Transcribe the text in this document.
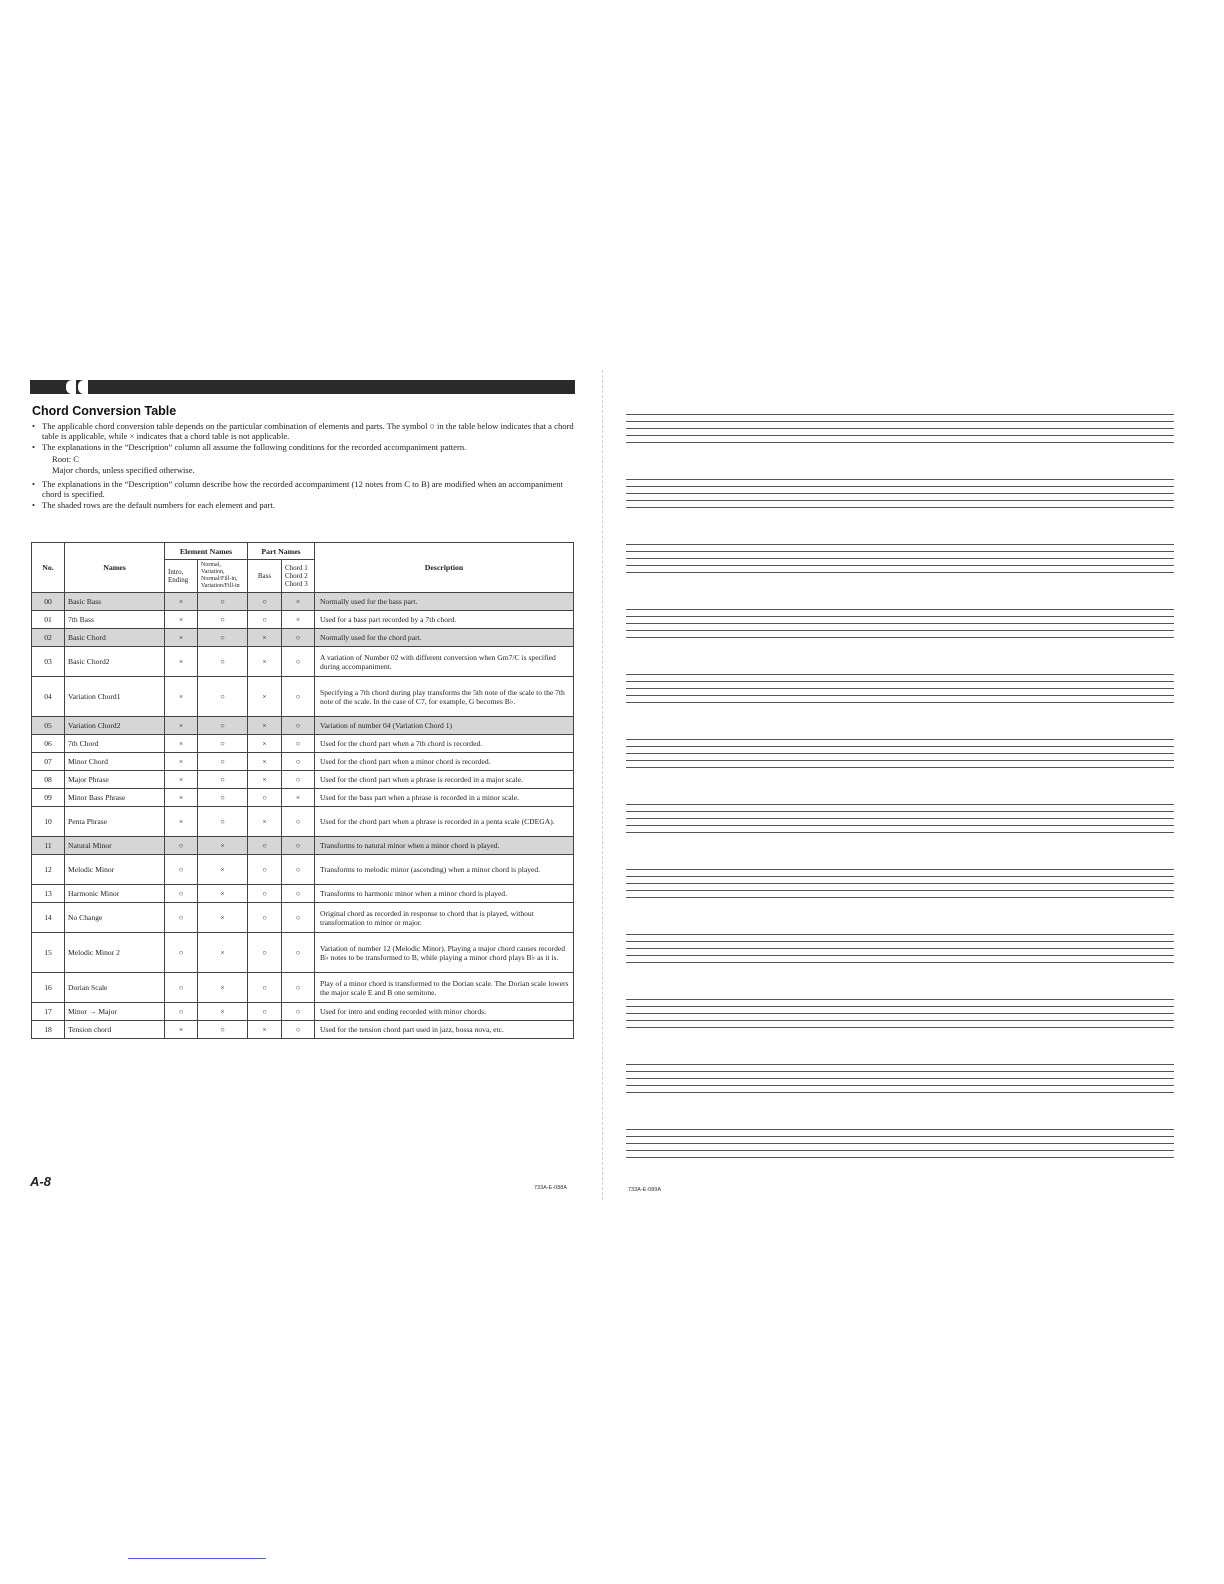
Chord Conversion Table

• The applicable chord conversion table depends on the particular combination of elements and parts. The symbol ○ in the table below indicates that a chord table is applicable, while × indicates that a chord table is not applicable.

• The explanations in the “Description” column all assume the following conditions for the recorded accompaniment pattern.

Root: C
Major chords, unless specified otherwise.

• The explanations in the “Description” column describe how the recorded accompaniment (12 notes from C to B) are modified when an accompaniment chord is specified.

• The shaded rows are the default numbers for each element and part.

No.	Names	Element Names		Part Names		Description
		Intro, Ending	Normal, Variation, Normal/Fill-in, Variation/Fill-in	Bass	Chord 1 Chord 2 Chord 3	
00	Basic Bass	×	○	○	×	Normally used for the bass part.
01	7th Bass	×	○	○	×	Used for a bass part recorded by a 7th chord.
02	Basic Chord	×	○	×	○	Normally used for the chord part.
03	Basic Chord2	×	○	×	○	A variation of Number 02 with different conversion when Gm7/C is specified during accompaniment.
04	Variation Chord1	×	○	×	○	Specifying a 7th chord during play transforms the 5th note of the scale to the 7th note of the scale. In the case of C7, for example, G becomes B♭.
05	Variation Chord2	×	○	×	○	Variation of number 04 (Variation Chord 1)
06	7th Chord	×	○	×	○	Used for the chord part when a 7th chord is recorded.
07	Minor Chord	×	○	×	○	Used for the chord part when a minor chord is recorded.
08	Major Phrase	×	○	×	○	Used for the chord part when a phrase is recorded in a major scale.
09	Minor Bass Phrase	×	○	○	×	Used for the bass part when a phrase is recorded in a minor scale.
10	Penta Phrase	×	○	×	○	Used for the chord part when a phrase is recorded in a penta scale (CDEGA).
11	Natural Minor	○	×	○	○	Transforms to natural minor when a minor chord is played.
12	Melodic Minor	○	×	○	○	Transforms to melodic minor (ascending) when a minor chord is played.
13	Harmonic Minor	○	×	○	○	Transforms to harmonic minor when a minor chord is played.
14	No Change	○	×	○	○	Original chord as recorded in response to chord that is played, without transformation to minor or major.
15	Melodic Minor 2	○	×	○	○	Variation of number 12 (Melodic Minor). Playing a major chord causes recorded B♭ notes to be transformed to B, while playing a minor chord plays B♭ as it is.
16	Dorian Scale	○	×	○	○	Play of a minor chord is transformed to the Dorian scale. The Dorian scale lowers the major scale E and B one semitone.
17	Minor → Major	○	×	○	○	Used for intro and ending recorded with minor chords.
18	Tension chord	×	○	×	○	Used for the tension chord part used in jazz, bossa nova, etc.
A-8	733A-E-088A	733A-E-089A
